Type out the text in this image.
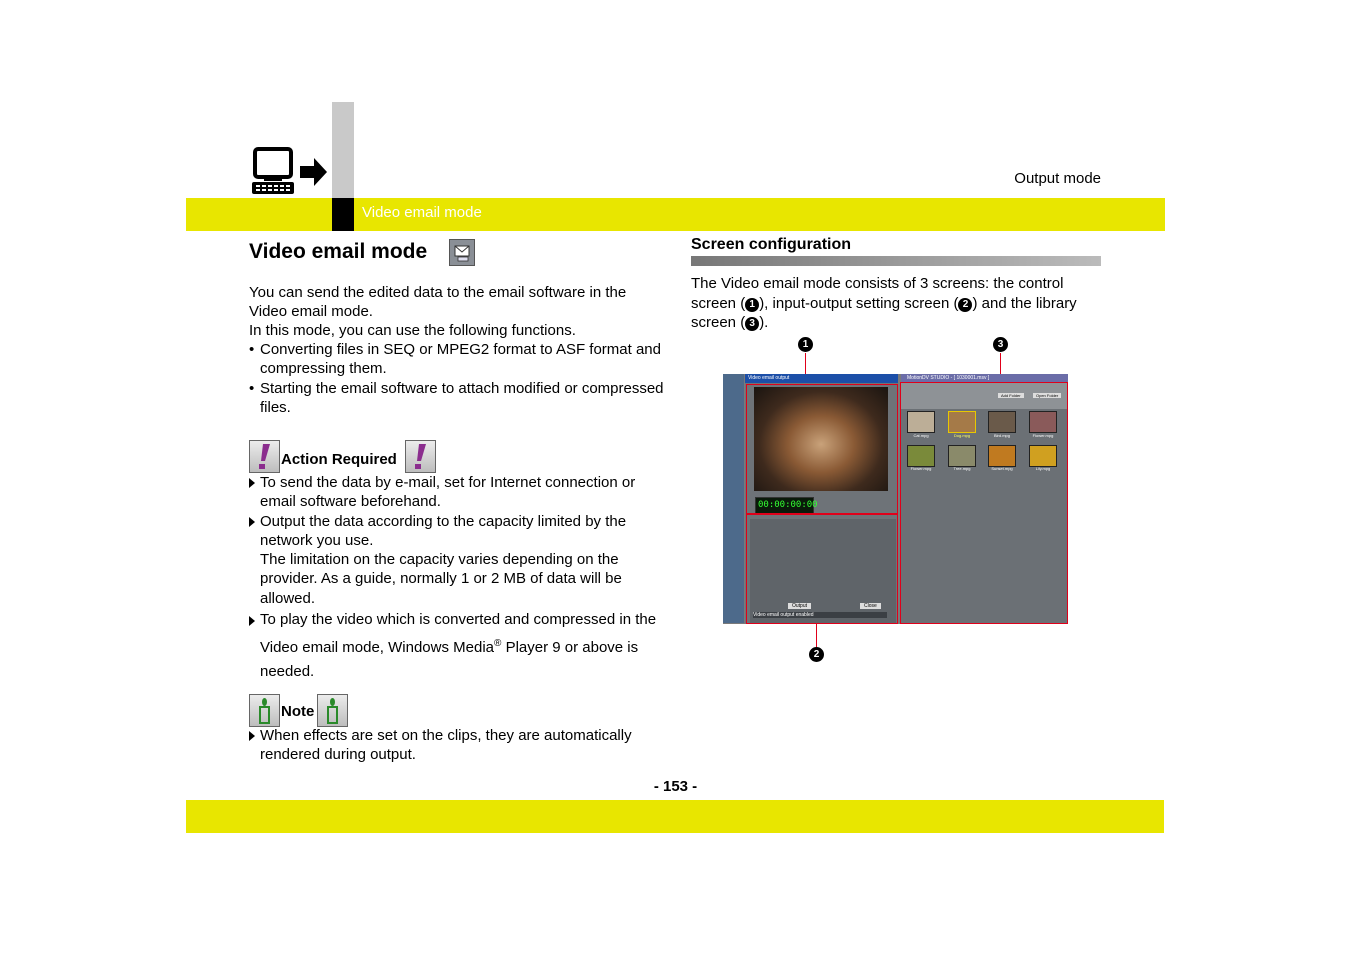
Output mode
Video email mode
Video email mode
You can send the edited data to the email software in the
Video email mode.
In this mode, you can use the following functions.
• Converting files in SEQ or MPEG2 format to ASF format and compressing them.
• Starting the email software to attach modified or compressed files.
Action Required
To send the data by e-mail, set for Internet connection or email software beforehand.
Output the data according to the capacity limited by the network you use.
The limitation on the capacity varies depending on the provider. As a guide, normally 1 or 2 MB of data will be allowed.
To play the video which is converted and compressed in the Video email mode, Windows Media® Player 9 or above is needed.
Note
When effects are set on the clips, they are automatically rendered during output.
Screen configuration
The Video email mode consists of 3 screens: the control screen ( 1 ), input-output setting screen ( 2 ) and the library screen ( 3 ).
1	3
2
Video email output
00:00:00:00
Video email output enabled
Output	Close
MotionDV STUDIO - [ 1030001.msv ]
Add Folder	Open Folder
Cat.mpg	Dog.mpg	Bird.mpg	Flower.mpg
Flower.mpg	Tree.mpg	Sunset.mpg	Lily.mpg
- 153 -
